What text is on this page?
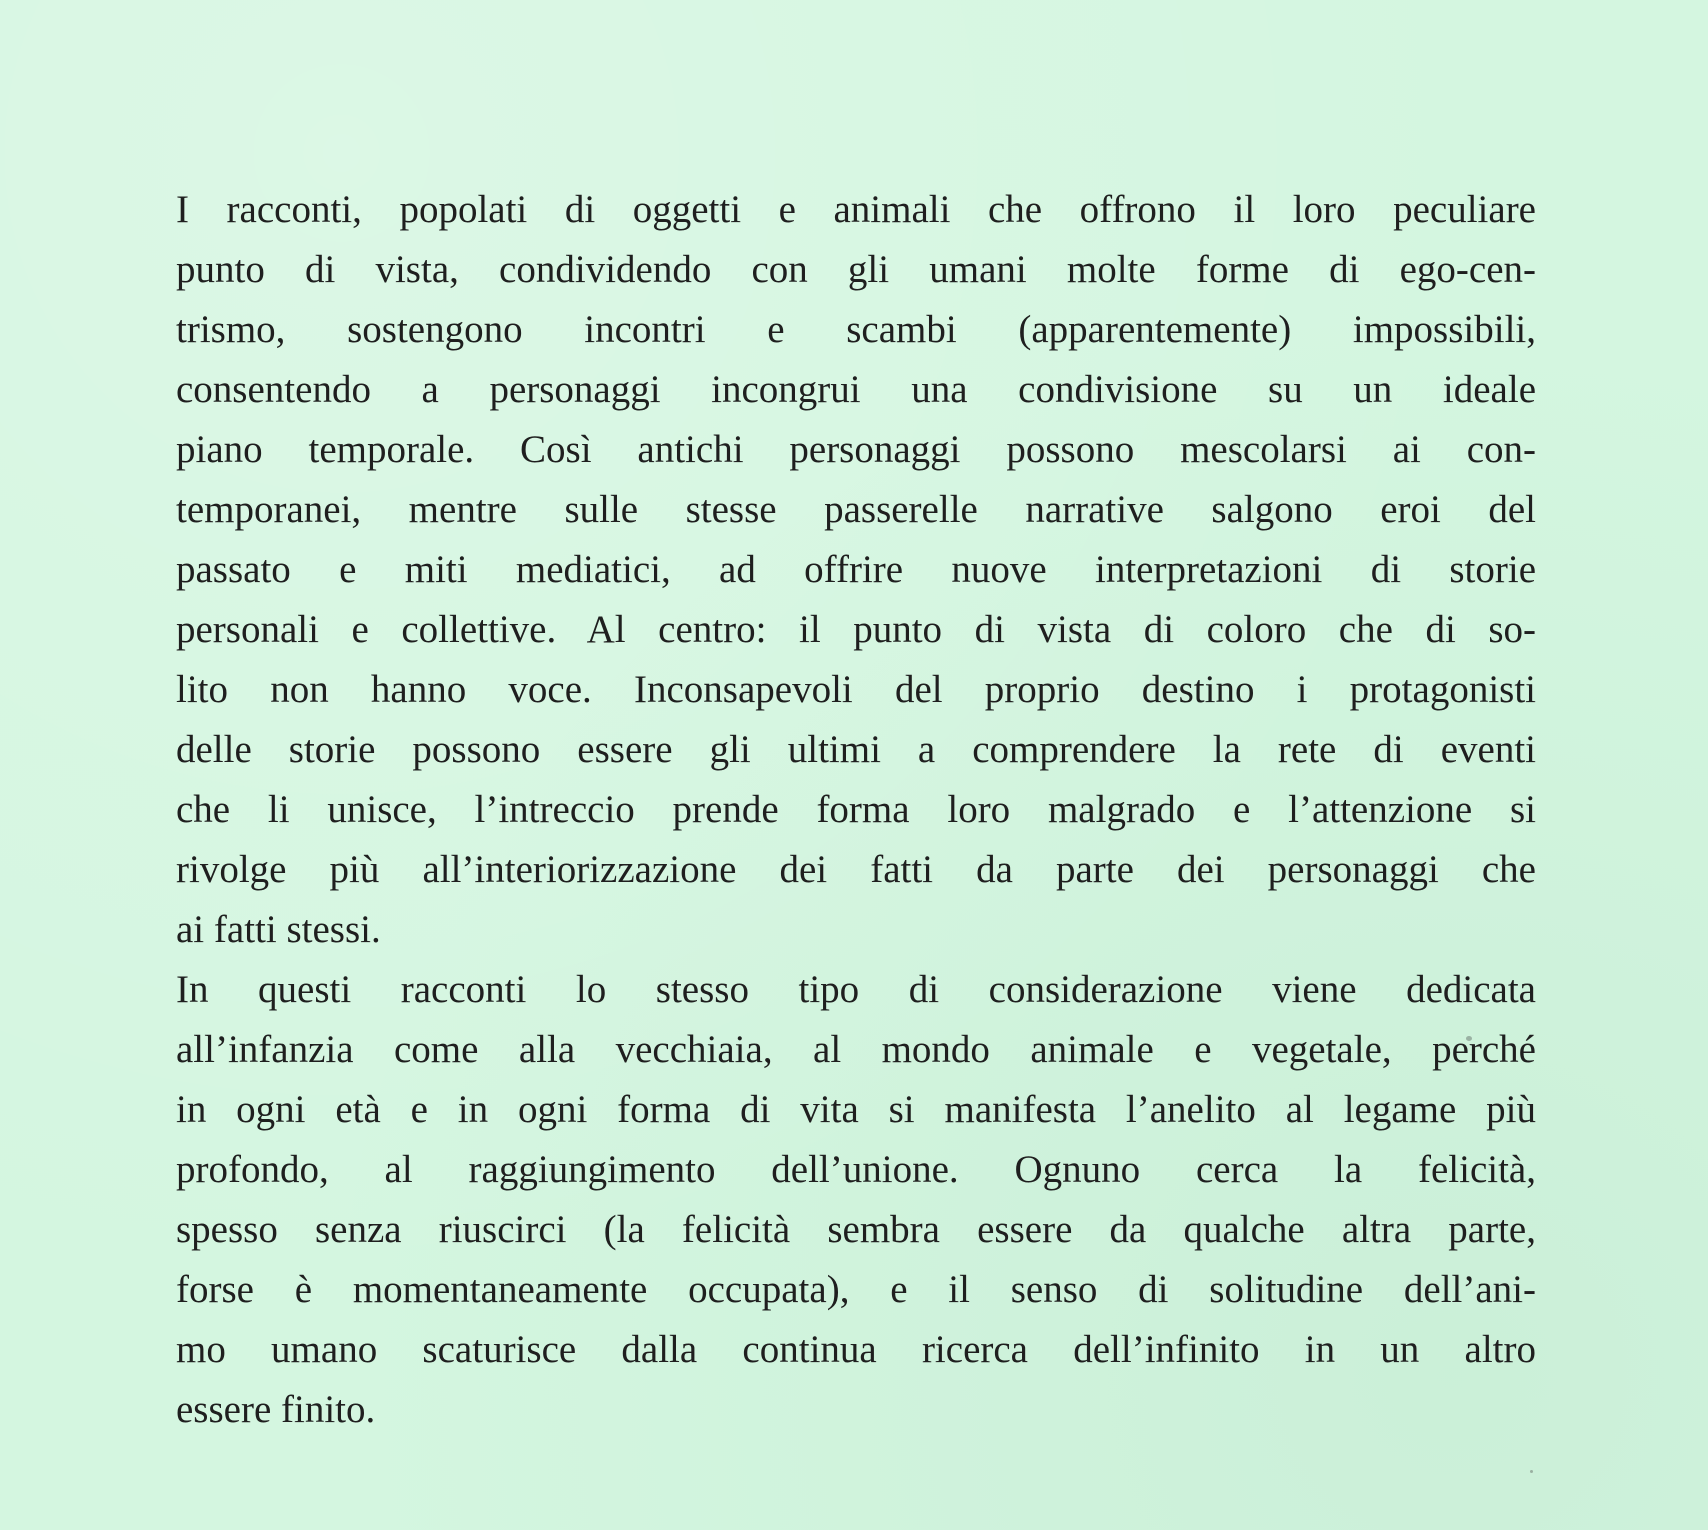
I racconti, popolati di oggetti e animali che offrono il loro peculiare
punto di vista, condividendo con gli umani molte forme di ego-cen-
trismo, sostengono incontri e scambi (apparentemente) impossibili,
consentendo a personaggi incongrui una condivisione su un ideale
piano temporale. Così antichi personaggi possono mescolarsi ai con-
temporanei, mentre sulle stesse passerelle narrative salgono eroi del
passato e miti mediatici, ad offrire nuove interpretazioni di storie
personali e collettive. Al centro: il punto di vista di coloro che di so-
lito non hanno voce. Inconsapevoli del proprio destino i protagonisti
delle storie possono essere gli ultimi a comprendere la rete di eventi
che li unisce, l’intreccio prende forma loro malgrado e l’attenzione si
rivolge più all’interiorizzazione dei fatti da parte dei personaggi che
ai fatti stessi.
In questi racconti lo stesso tipo di considerazione viene dedicata
all’infanzia come alla vecchiaia, al mondo animale e vegetale, perché
in ogni età e in ogni forma di vita si manifesta l’anelito al legame più
profondo, al raggiungimento dell’unione. Ognuno cerca la felicità,
spesso senza riuscirci (la felicità sembra essere da qualche altra parte,
forse è momentaneamente occupata), e il senso di solitudine dell’ani-
mo umano scaturisce dalla continua ricerca dell’infinito in un altro
essere finito.
